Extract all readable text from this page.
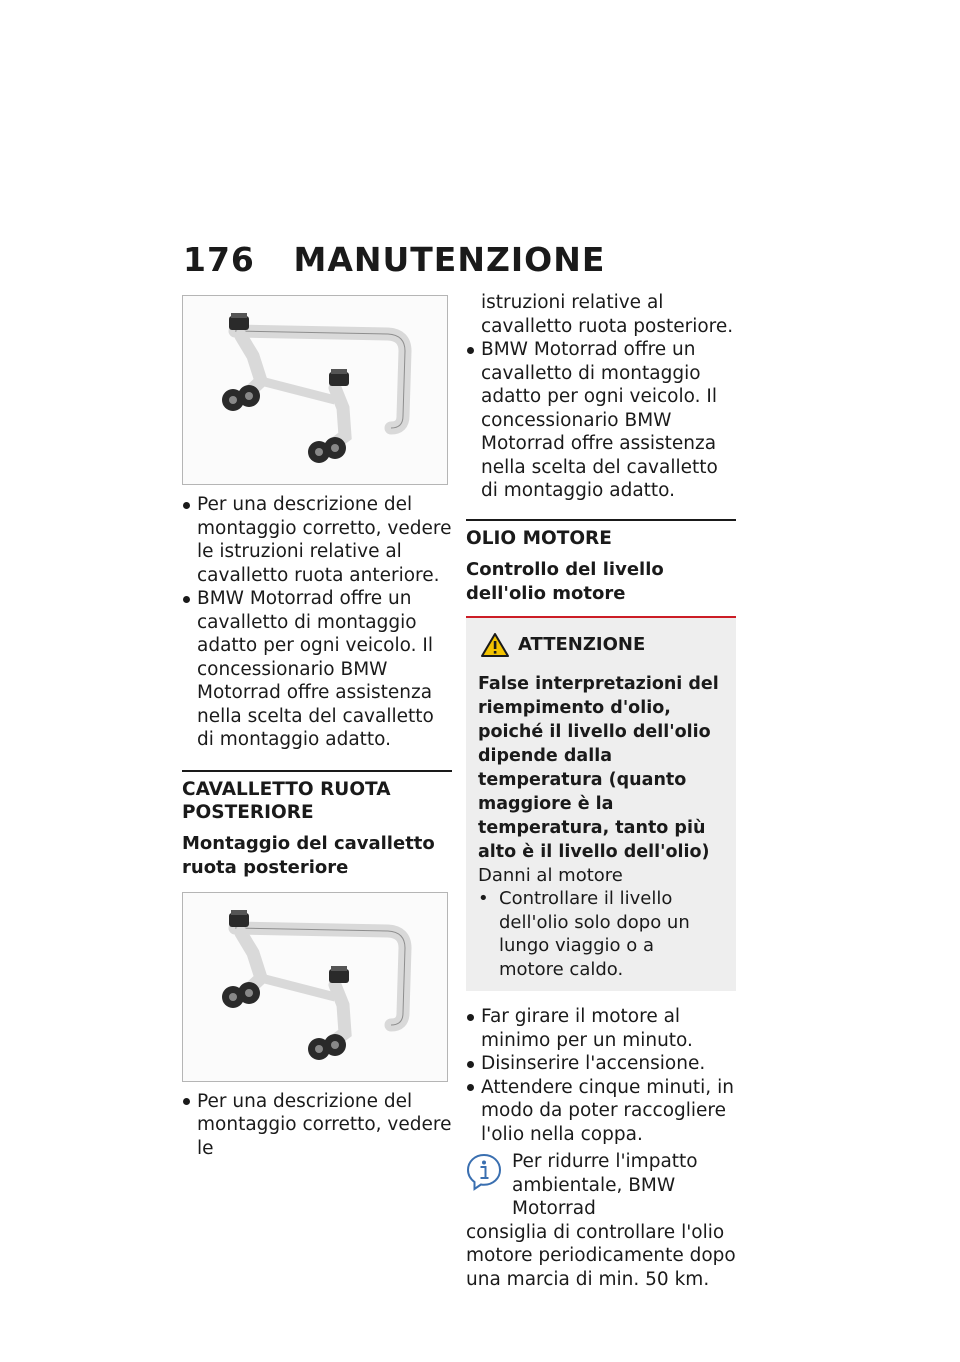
176 MANUTENZIONE
Per una descrizione del montaggio corretto, vedere le istruzioni relative al cavalletto ruota anteriore.
BMW Motorrad offre un cavalletto di montaggio adatto per ogni veicolo. Il concessionario BMW Motorrad offre assistenza nella scelta del cavalletto di montaggio adatto.
CAVALLETTO RUOTA POSTERIORE
Montaggio del cavalletto ruota posteriore
Per una descrizione del montaggio corretto, vedere le
istruzioni relative al cavalletto ruota posteriore.
BMW Motorrad offre un cavalletto di montaggio adatto per ogni veicolo. Il concessionario BMW Motorrad offre assistenza nella scelta del cavalletto di montaggio adatto.
OLIO MOTORE
Controllo del livello dell'olio motore
ATTENZIONE
False interpretazioni del riempimento d'olio, poiché il livello dell'olio dipende dalla temperatura (quanto maggiore è la temperatura, tanto più alto è il livello dell'olio)
Danni al motore
• Controllare il livello dell'olio solo dopo un lungo viaggio o a motore caldo.
Far girare il motore al minimo per un minuto.
Disinserire l'accensione.
Attendere cinque minuti, in modo da poter raccogliere l'olio nella coppa.
Per ridurre l'impatto ambientale, BMW Motorrad
consiglia di controllare l'olio motore periodicamente dopo una marcia di min. 50 km.
